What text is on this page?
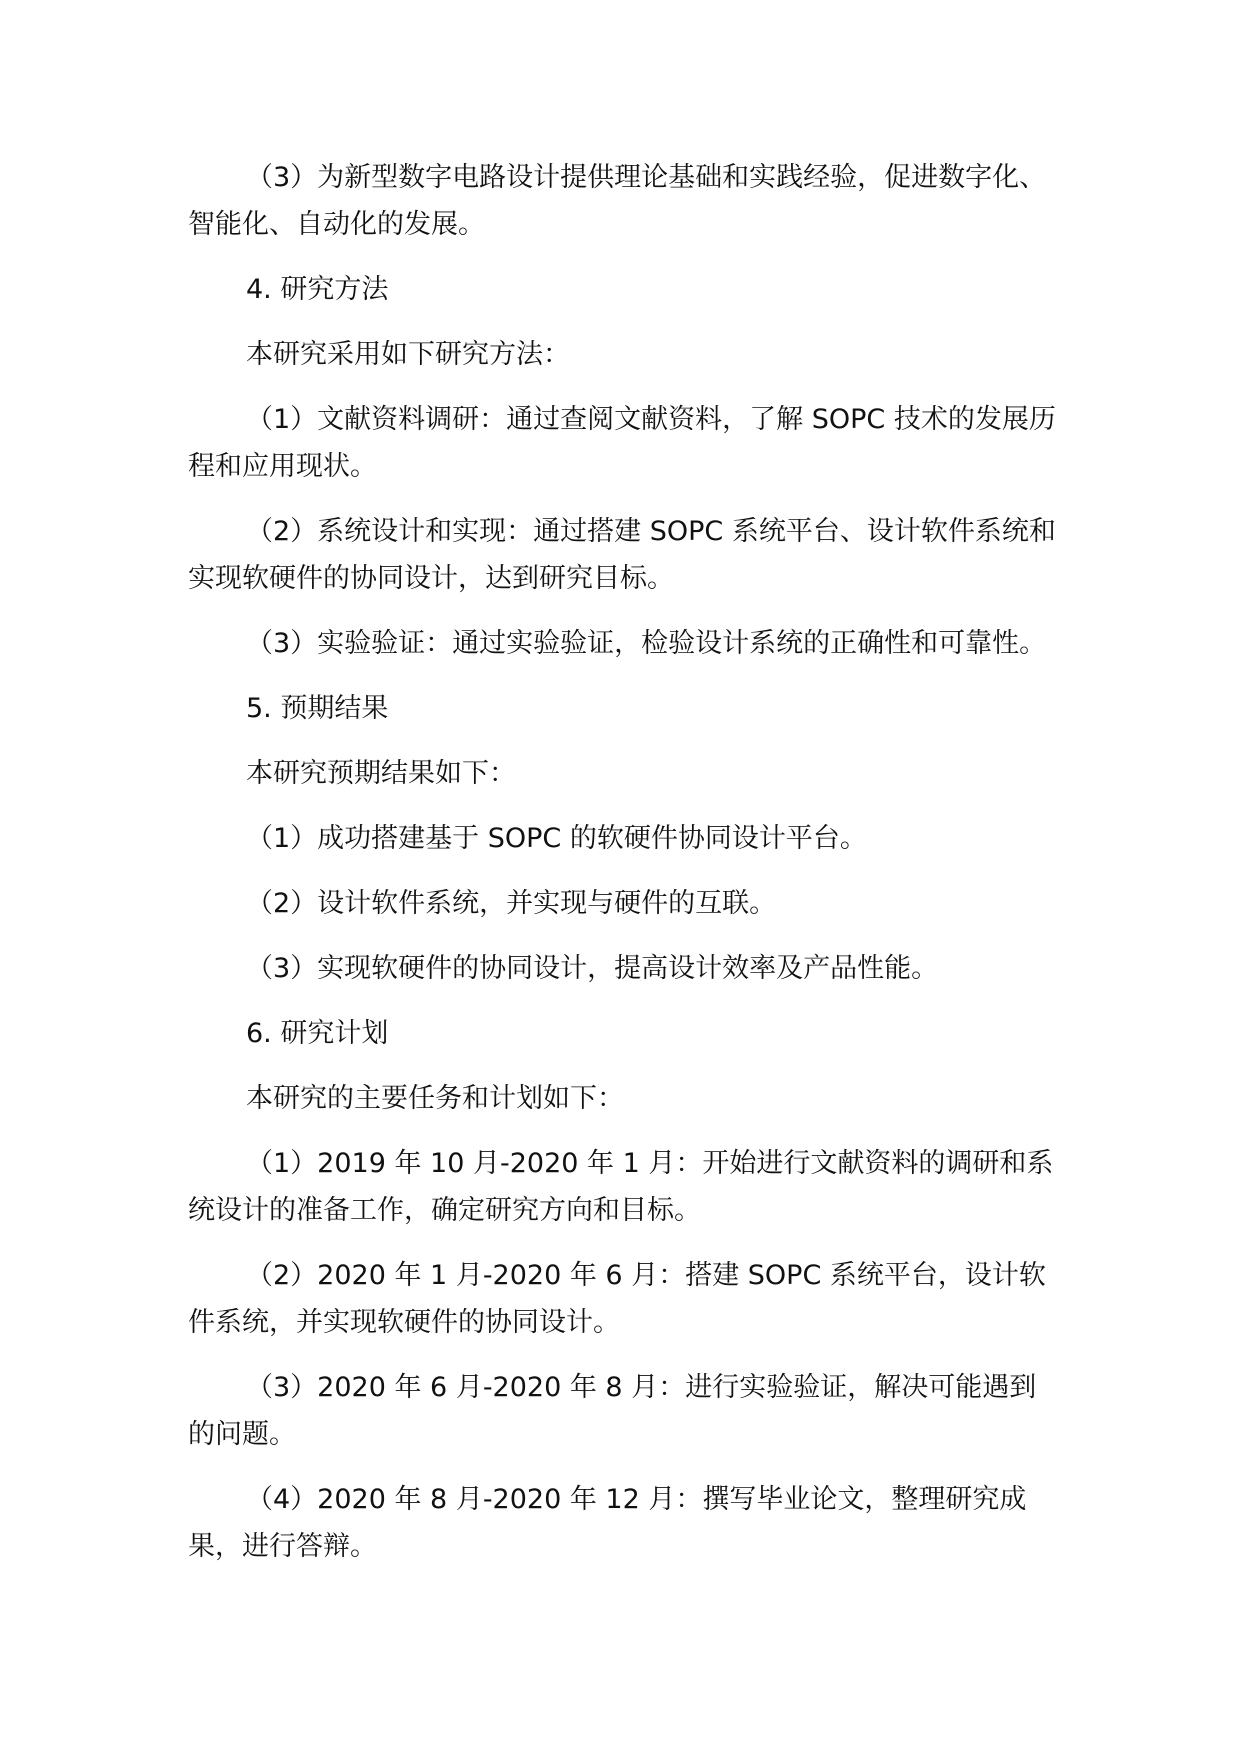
（3）为新型数字电路设计提供理论基础和实践经验，促进数字化、智能化、自动化的发展。

4. 研究方法

本研究采用如下研究方法：

（1）文献资料调研：通过查阅文献资料，了解 SOPC 技术的发展历程和应用现状。

（2）系统设计和实现：通过搭建 SOPC 系统平台、设计软件系统和实现软硬件的协同设计，达到研究目标。

（3）实验验证：通过实验验证，检验设计系统的正确性和可靠性。

5. 预期结果

本研究预期结果如下：

（1）成功搭建基于 SOPC 的软硬件协同设计平台。

（2）设计软件系统，并实现与硬件的互联。

（3）实现软硬件的协同设计，提高设计效率及产品性能。

6. 研究计划

本研究的主要任务和计划如下：

（1）2019 年 10 月-2020 年 1 月：开始进行文献资料的调研和系统设计的准备工作，确定研究方向和目标。

（2）2020 年 1 月-2020 年 6 月：搭建 SOPC 系统平台，设计软件系统，并实现软硬件的协同设计。

（3）2020 年 6 月-2020 年 8 月：进行实验验证，解决可能遇到的问题。

（4）2020 年 8 月-2020 年 12 月：撰写毕业论文，整理研究成果，进行答辩。
